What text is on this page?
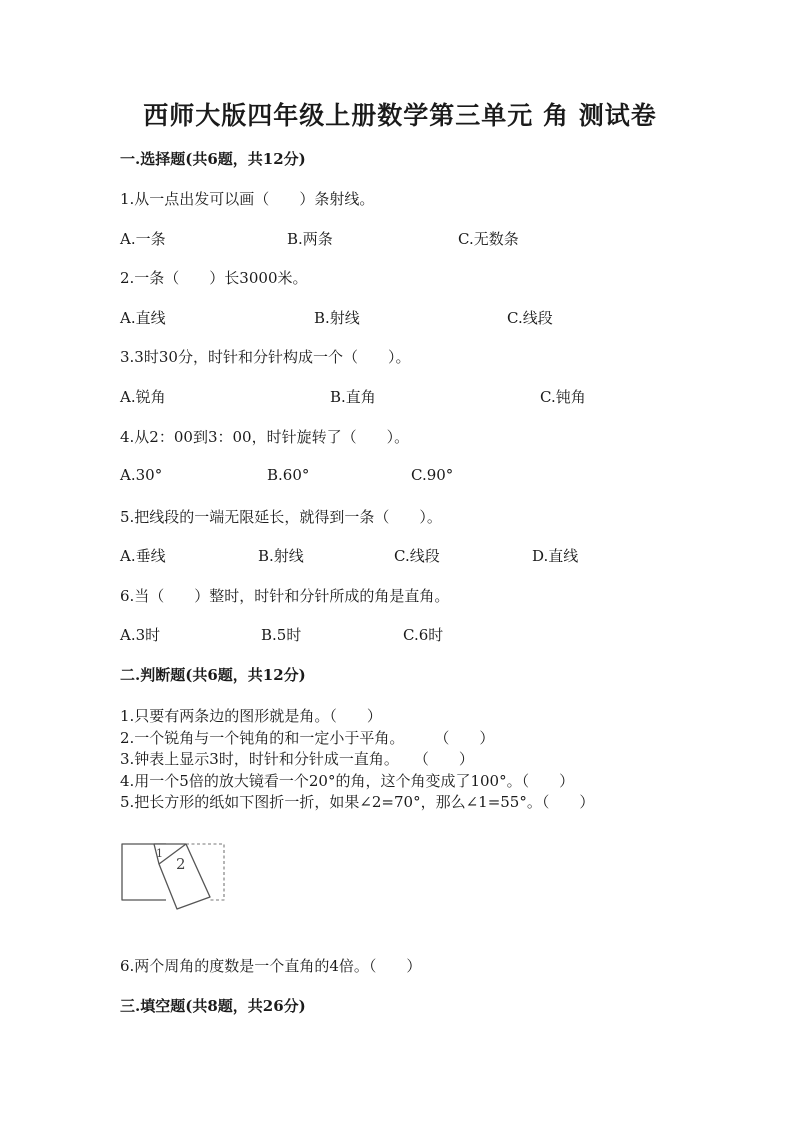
西师大版四年级上册数学第三单元 角 测试卷
一.选择题(共6题，共12分)
1.从一点出发可以画（　　）条射线。
A.一条	B.两条	C.无数条
2.一条（　　）长3000米。
A.直线	B.射线	C.线段
3.3时30分，时针和分针构成一个（　　）。
A.锐角	B.直角	C.钝角
4.从2：00到3：00，时针旋转了（　　）。
A.30°	B.60°	C.90°
5.把线段的一端无限延长，就得到一条（　　）。
A.垂线	B.射线	C.线段	D.直线
6.当（　　）整时，时针和分针所成的角是直角。
A.3时	B.5时	C.6时
二.判断题(共6题，共12分)
1.只要有两条边的图形就是角。（　　）
2.一个锐角与一个钝角的和一定小于平角。　　　（　　）
3.钟表上显示3时，时针和分针成一直角。　　（　　）
4.用一个5倍的放大镜看一个20°的角，这个角变成了100°。（　　）
5.把长方形的纸如下图折一折，如果∠2=70°，那么∠1=55°。（　　）
1
2
6.两个周角的度数是一个直角的4倍。（　　）
三.填空题(共8题，共26分)
